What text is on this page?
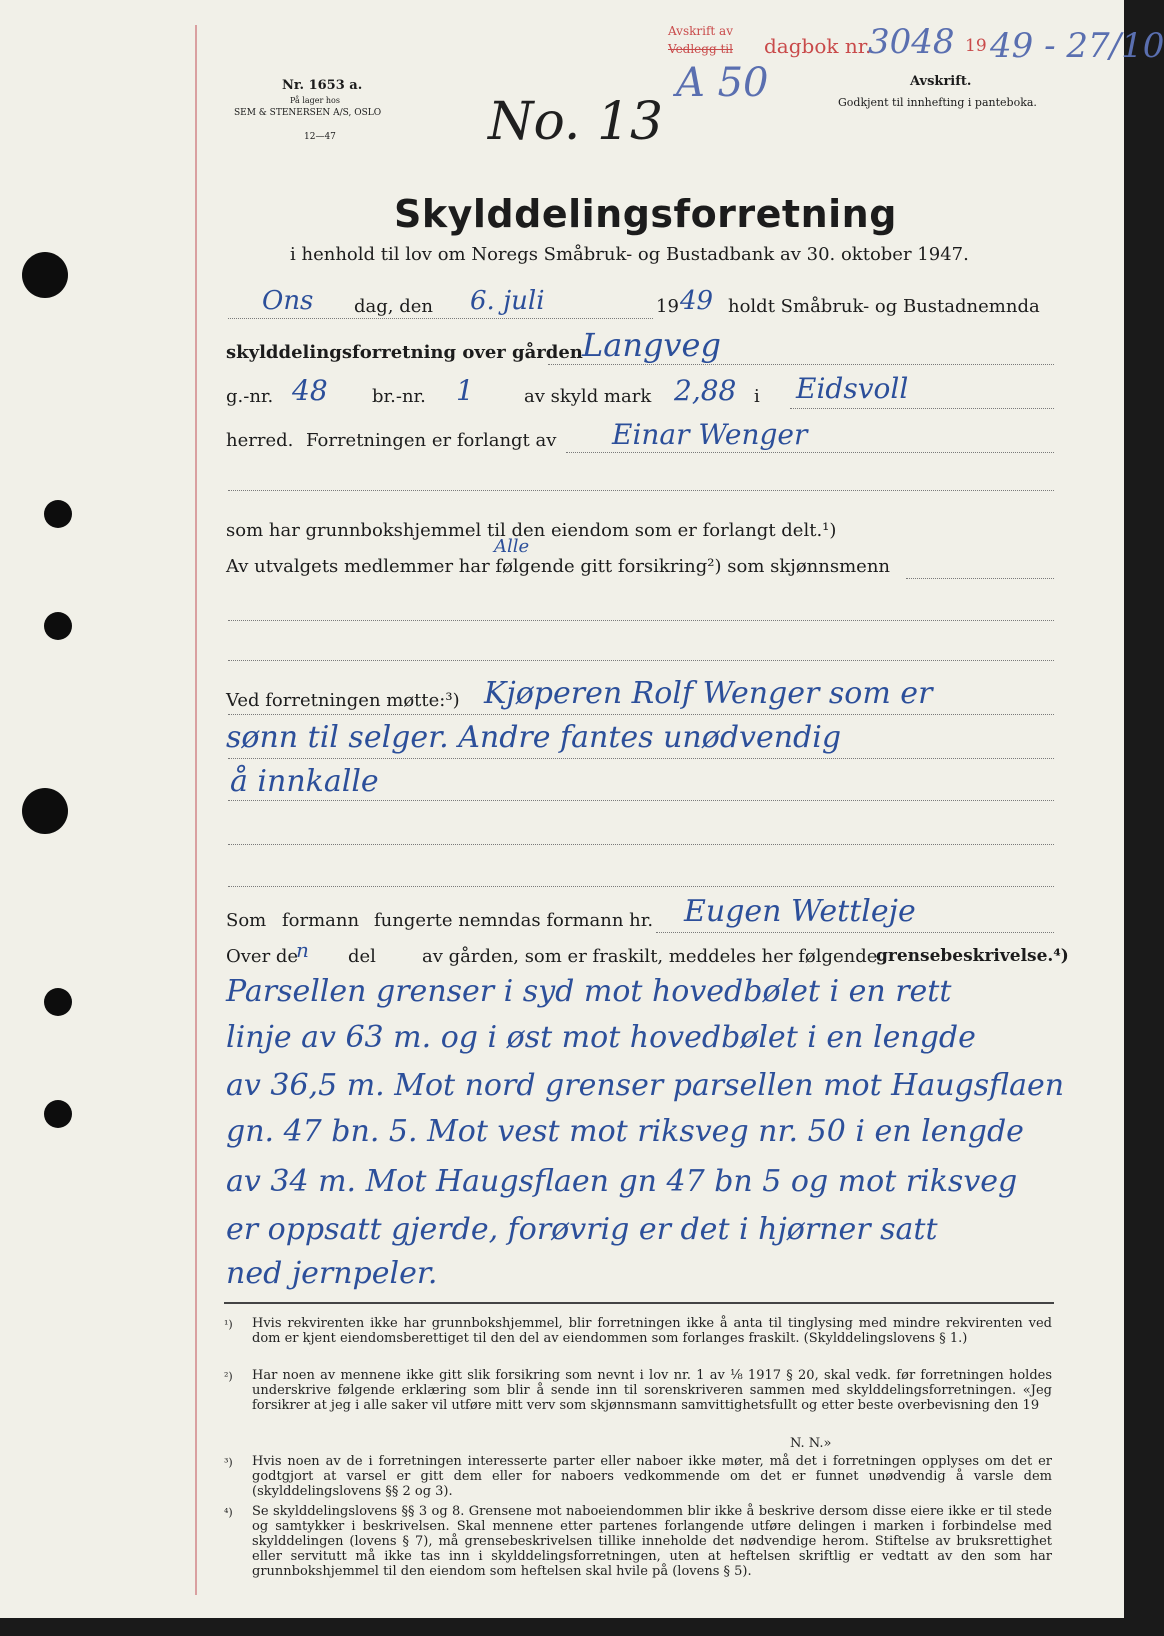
Nr. 1653 a.
På lager hos
SEM & STENERSEN A/S, OSLO
12—47
Avskrift av
Vedlegg til dagbok nr.	19
3048 49 - 27/10
A 50	Avskrift.
Godkjent til innhefting i panteboka.
No. 13
Skylddelingsforretning
i henhold til lov om Noregs Småbruk- og Bustadbank av 30. oktober 1947.
Ons dag, den 6. juli	19 49 holdt Småbruk- og Bustadnemnda
skylddelingsforretning over gården Langveg
g.-nr. 48 br.-nr. 1	av skyld mark 2,88 i Eidsvoll
herred. Forretningen er forlangt av Einar Wenger
som har grunnbokshjemmel til den eiendom som er forlangt delt.¹)
Alle
Av utvalgets medlemmer har følgende gitt forsikring²) som skjønnsmenn
Ved forretningen møtte:³) Kjøperen Rolf Wenger som er
sønn til selger. Andre fantes unødvendig
å innkalle
Som formann fungerte nemndas formann hr. Eugen Wettleje
Over de
n del	av gården, som er fraskilt, meddeles her følgende
grensebeskrivelse.⁴)
Parsellen grenser i syd mot hovedbølet i en rett
linje av 63 m. og i øst mot hovedbølet i en lengde
av 36,5 m. Mot nord grenser parsellen mot Haugsflaen
gn. 47 bn. 5. Mot vest mot riksveg nr. 50 i en lengde
av 34 m. Mot Haugsflaen gn 47 bn 5 og mot riksveg
er oppsatt gjerde, forøvrig er det i hjørner satt
ned jernpeler.
¹) Hvis rekvirenten ikke har grunnbokshjemmel, blir forretningen ikke å anta til tinglysing med mindre rekvirenten ved dom er kjent eiendomsberettiget til den del av eiendommen som forlanges fraskilt. (Skylddelingslovens § 1.)
²) Har noen av mennene ikke gitt slik forsikring som nevnt i lov nr. 1 av ⅟₈ 1917 § 20, skal vedk. før forretningen holdes underskrive følgende erklæring som blir å sende inn til sorenskriveren sammen med skylddelingsforretningen. «Jeg forsikrer at jeg i alle saker vil utføre mitt verv som skjønnsmann samvittighetsfullt og etter beste overbevisning den 19
N. N.»
³) Hvis noen av de i forretningen interesserte parter eller naboer ikke møter, må det i forretningen opplyses om det er godtgjort at varsel er gitt dem eller for naboers vedkommende om det er funnet unødvendig å varsle dem (skylddelingslovens §§ 2 og 3).
⁴) Se skylddelingslovens §§ 3 og 8. Grensene mot naboeiendommen blir ikke å beskrive dersom disse eiere ikke er til stede og samtykker i beskrivelsen. Skal mennene etter partenes forlangende utføre delingen i marken i forbindelse med skylddelingen (lovens § 7), må grensebeskrivelsen tillike inneholde det nødvendige herom. Stiftelse av bruksrettighet eller servitutt må ikke tas inn i skylddelingsforretningen, uten at heftelsen skriftlig er vedtatt av den som har grunnbokshjemmel til den eiendom som heftelsen skal hvile på (lovens § 5).
